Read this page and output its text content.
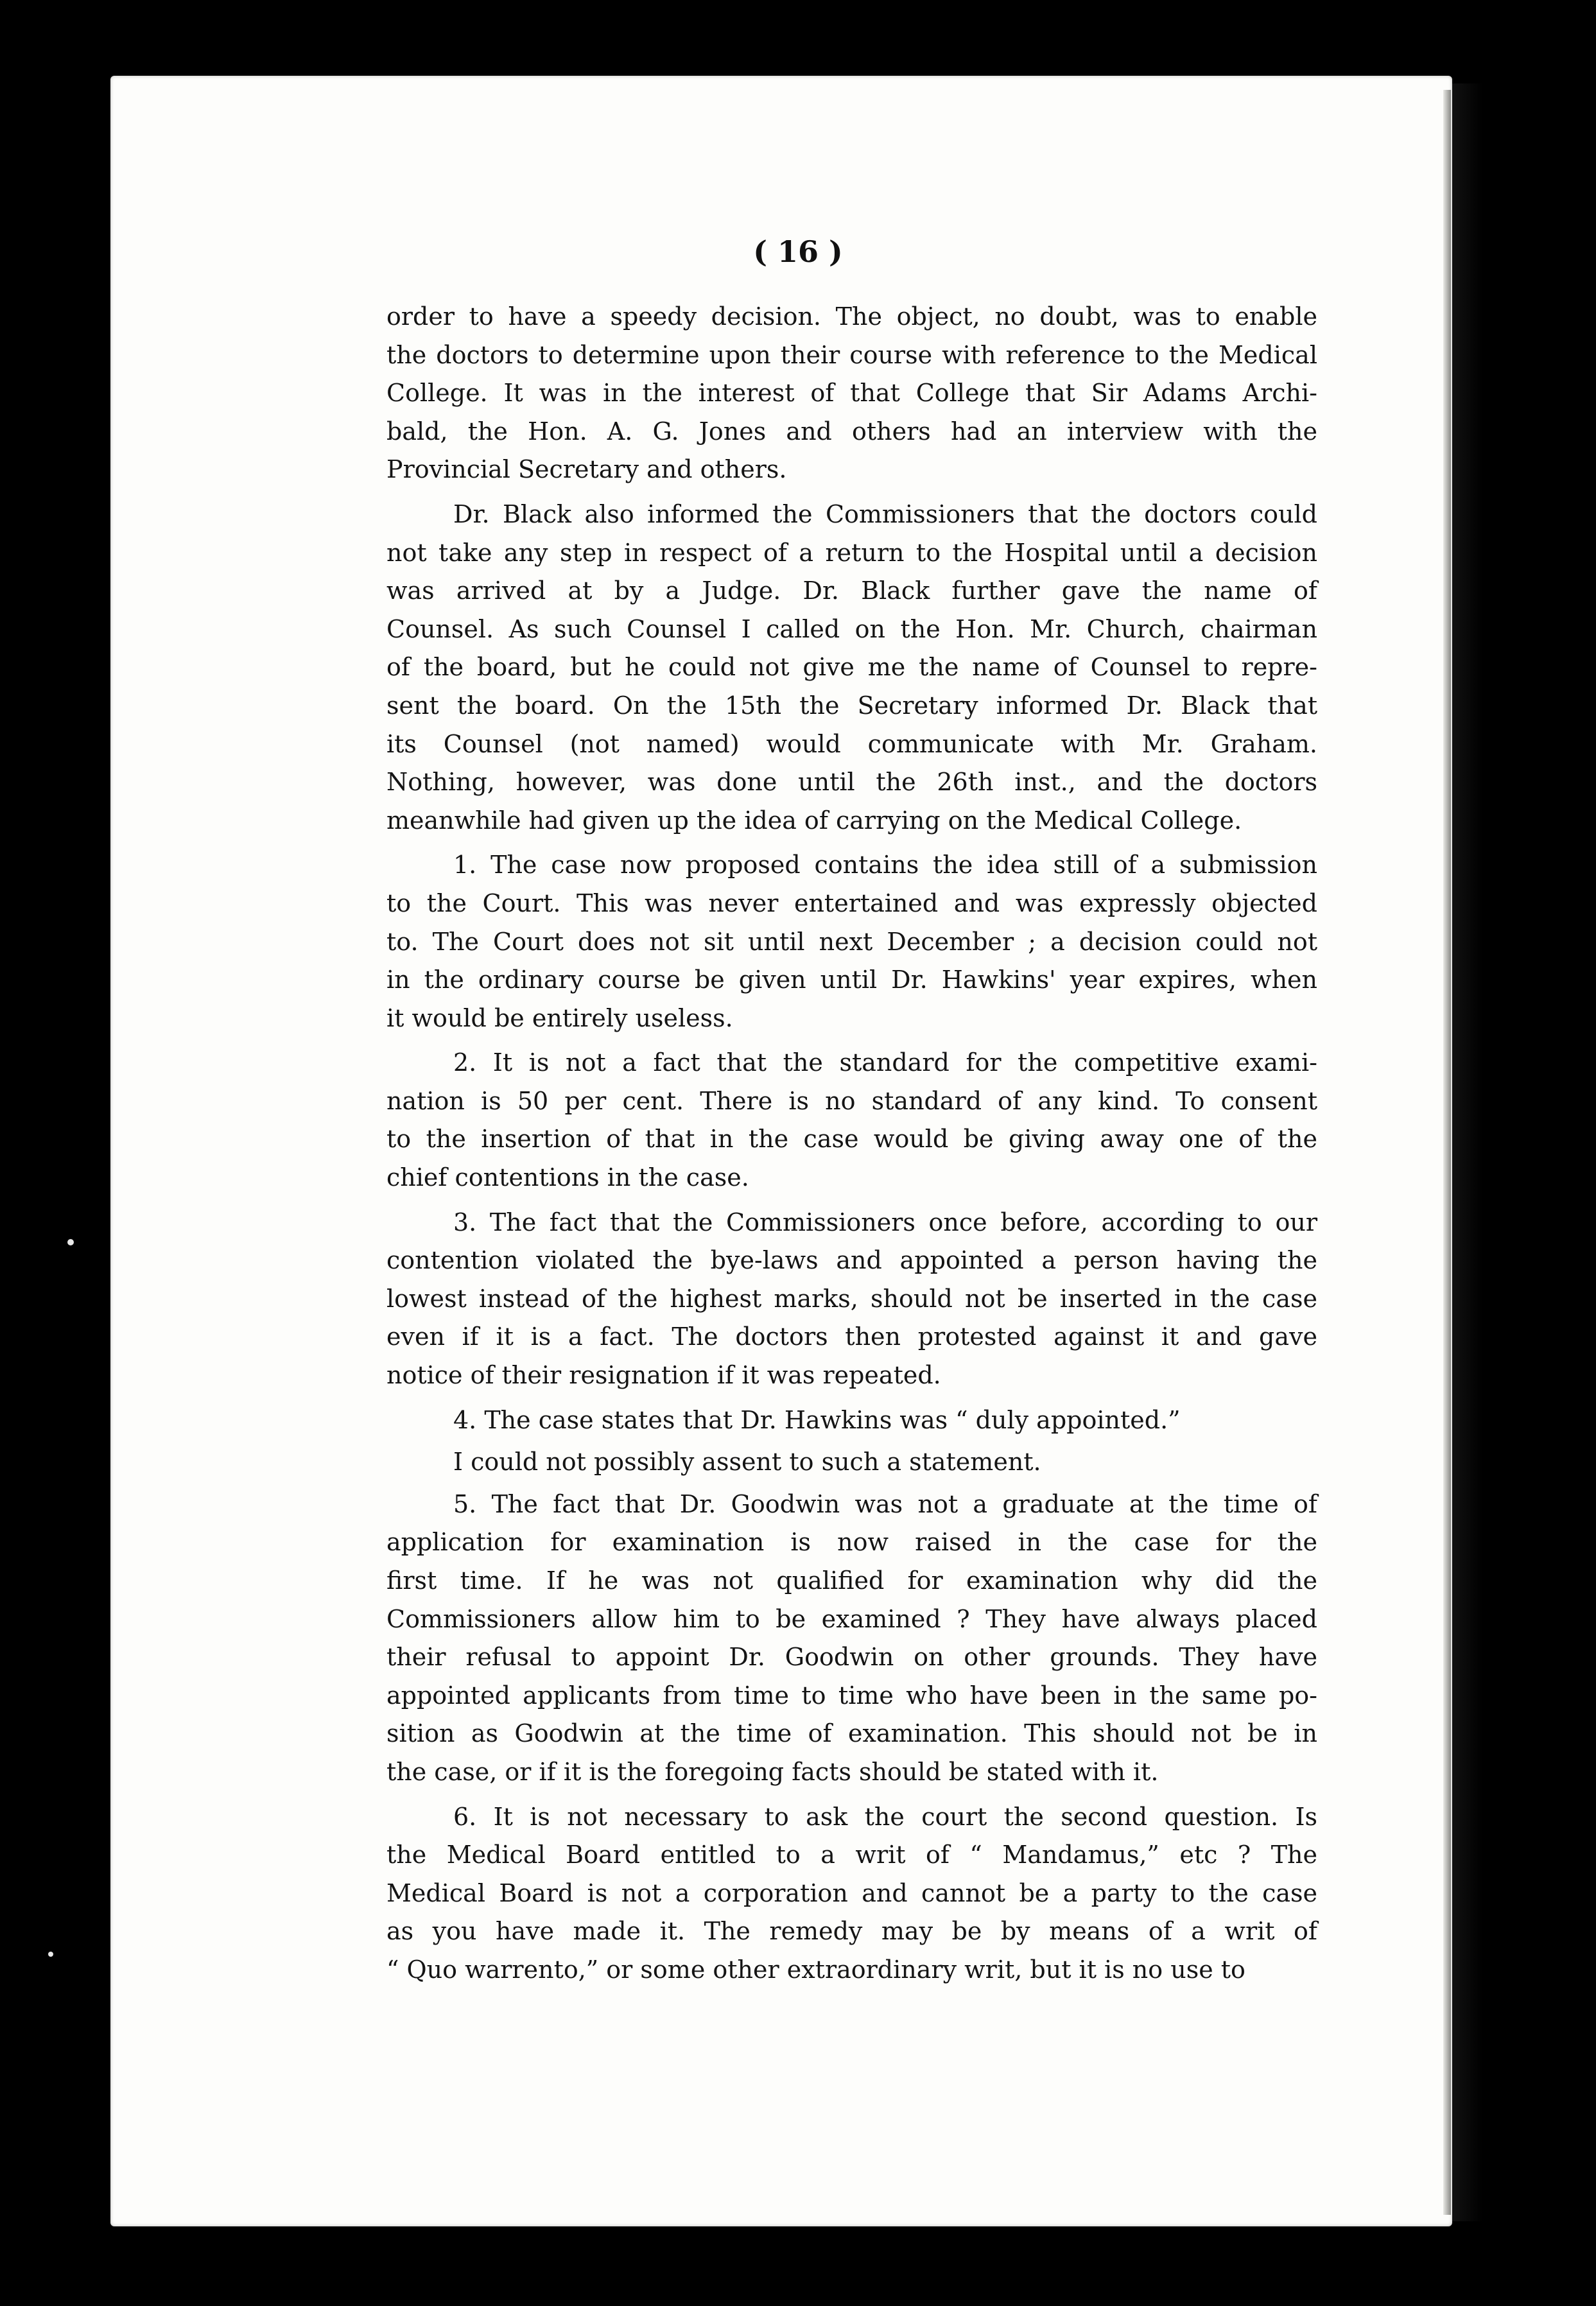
( 16 )
order to have a speedy decision. The object, no doubt, was to enable
the doctors to determine upon their course with reference to the Medical
College. It was in the interest of that College that Sir Adams Archi-
bald, the Hon. A. G. Jones and others had an interview with the
Provincial Secretary and others.
Dr. Black also informed the Commissioners that the doctors could
not take any step in respect of a return to the Hospital until a decision
was arrived at by a Judge. Dr. Black further gave the name of
Counsel. As such Counsel I called on the Hon. Mr. Church, chairman
of the board, but he could not give me the name of Counsel to repre-
sent the board. On the 15th the Secretary informed Dr. Black that
its Counsel (not named) would communicate with Mr. Graham.
Nothing, however, was done until the 26th inst., and the doctors
meanwhile had given up the idea of carrying on the Medical College.
1. The case now proposed contains the idea still of a submission
to the Court. This was never entertained and was expressly objected
to. The Court does not sit until next December ; a decision could not
in the ordinary course be given until Dr. Hawkins' year expires, when
it would be entirely useless.
2. It is not a fact that the standard for the competitive exami-
nation is 50 per cent. There is no standard of any kind. To consent
to the insertion of that in the case would be giving away one of the
chief contentions in the case.
3. The fact that the Commissioners once before, according to our
contention violated the bye-laws and appointed a person having the
lowest instead of the highest marks, should not be inserted in the case
even if it is a fact. The doctors then protested against it and gave
notice of their resignation if it was repeated.
4. The case states that Dr. Hawkins was “ duly appointed.”
I could not possibly assent to such a statement.
5. The fact that Dr. Goodwin was not a graduate at the time of
application for examination is now raised in the case for the
first time. If he was not qualified for examination why did the
Commissioners allow him to be examined ? They have always placed
their refusal to appoint Dr. Goodwin on other grounds. They have
appointed applicants from time to time who have been in the same po-
sition as Goodwin at the time of examination. This should not be in
the case, or if it is the foregoing facts should be stated with it.
6. It is not necessary to ask the court the second question. Is
the Medical Board entitled to a writ of “ Mandamus,” etc ? The
Medical Board is not a corporation and cannot be a party to the case
as you have made it. The remedy may be by means of a writ of
“ Quo warrento,” or some other extraordinary writ, but it is no use to
